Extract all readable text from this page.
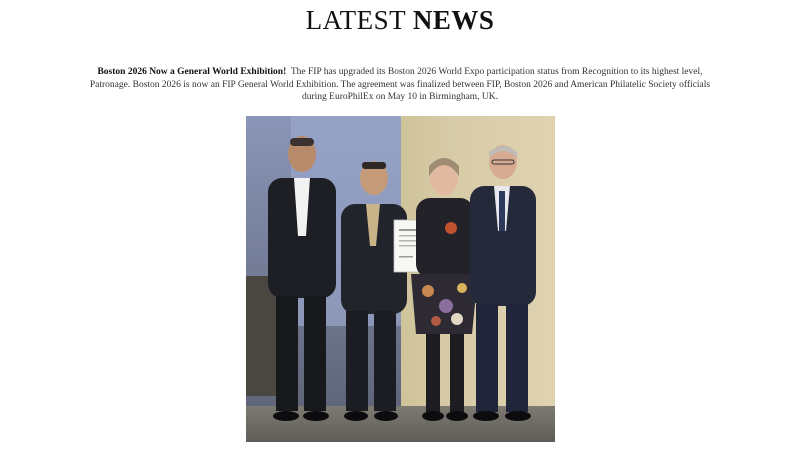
LATEST NEWS
Boston 2026 Now a General World Exhibition! The FIP has upgraded its Boston 2026 World Expo participation status from Recognition to its highest level, Patronage. Boston 2026 is now an FIP General World Exhibition. The agreement was finalized between FIP, Boston 2026 and American Philatelic Society officials during EuroPhilEx on May 10 in Birmingham, UK.
